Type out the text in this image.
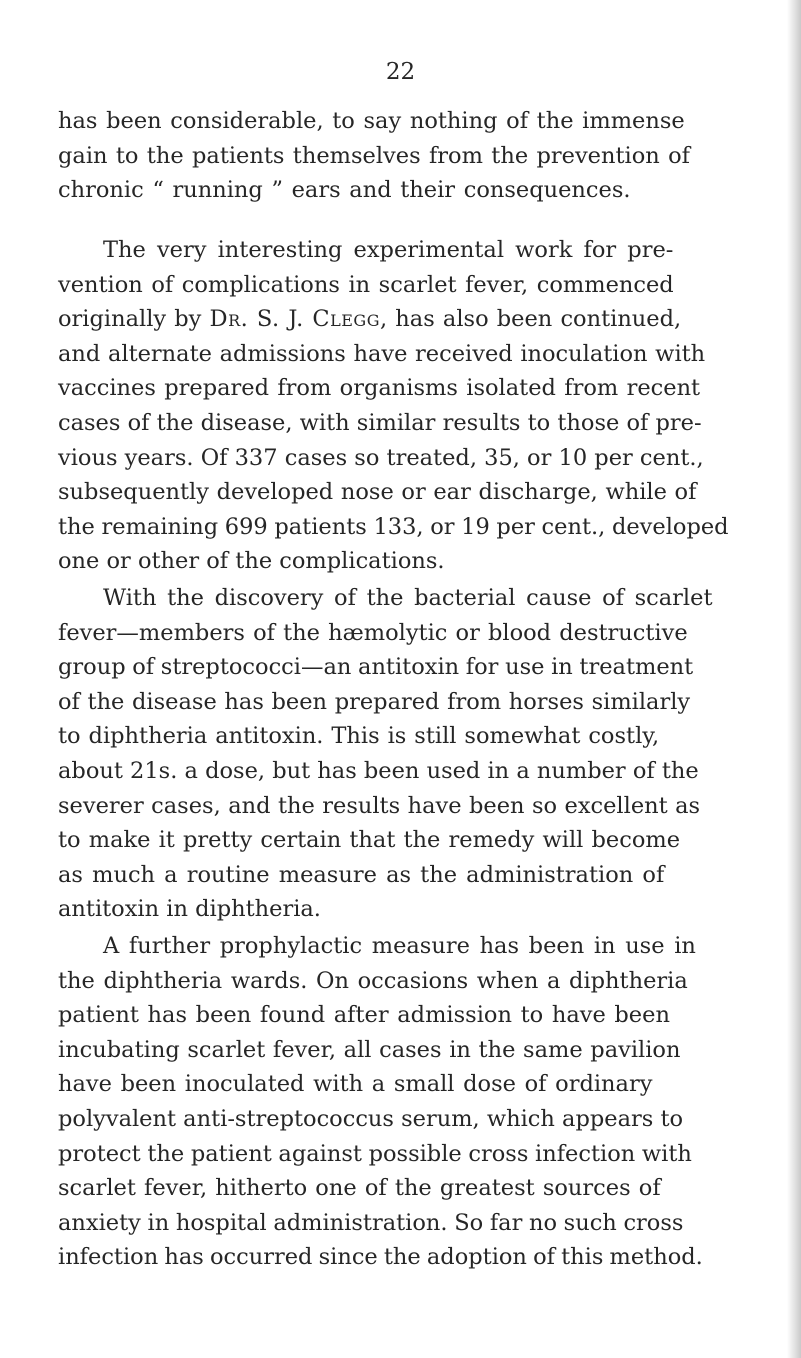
22

has been considerable, to say nothing of the immense
gain to the patients themselves from the prevention of
chronic “ running ” ears and their consequences.

The very interesting experimental work for pre-
vention of complications in scarlet fever, commenced
originally by Dr. S. J. Clegg, has also been continued,
and alternate admissions have received inoculation with
vaccines prepared from organisms isolated from recent
cases of the disease, with similar results to those of pre-
vious years. Of 337 cases so treated, 35, or 10 per cent.,
subsequently developed nose or ear discharge, while of
the remaining 699 patients 133, or 19 per cent., developed
one or other of the complications.

With the discovery of the bacterial cause of scarlet
fever—members of the hæmolytic or blood destructive
group of streptococci—an antitoxin for use in treatment
of the disease has been prepared from horses similarly
to diphtheria antitoxin. This is still somewhat costly,
about 21s. a dose, but has been used in a number of the
severer cases, and the results have been so excellent as
to make it pretty certain that the remedy will become
as much a routine measure as the administration of
antitoxin in diphtheria.

A further prophylactic measure has been in use in
the diphtheria wards. On occasions when a diphtheria
patient has been found after admission to have been
incubating scarlet fever, all cases in the same pavilion
have been inoculated with a small dose of ordinary
polyvalent anti-streptococcus serum, which appears to
protect the patient against possible cross infection with
scarlet fever, hitherto one of the greatest sources of
anxiety in hospital administration. So far no such cross
infection has occurred since the adoption of this method.
